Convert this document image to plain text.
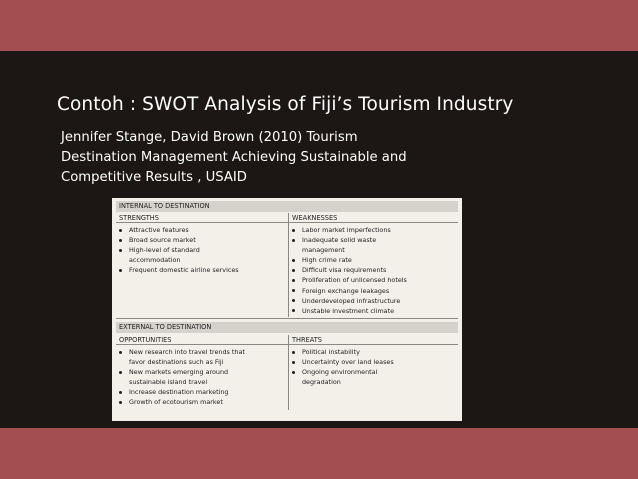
Contoh : SWOT Analysis of Fiji’s Tourism Industry
Jennifer Stange, David Brown (2010) Tourism
Destination Management Achieving Sustainable and
Competitive Results , USAID
INTERNAL TO DESTINATION
STRENGTHS	WEAKNESSES
Attractive features
Broad source market
High-level of standard
accommodation
Frequent domestic airline services
Labor market imperfections
Inadequate solid waste
management
High crime rate
Difficult visa requirements
Proliferation of unlicensed hotels
Foreign exchange leakages
Underdeveloped infrastructure
Unstable investment climate
EXTERNAL TO DESTINATION
OPPORTUNITIES	THREATS
New research into travel trends that
favor destinations such as Fiji
New markets emerging around
sustainable island travel
Increase destination marketing
Growth of ecotourism market
Political instability
Uncertainty over land leases
Ongoing environmental
degradation
